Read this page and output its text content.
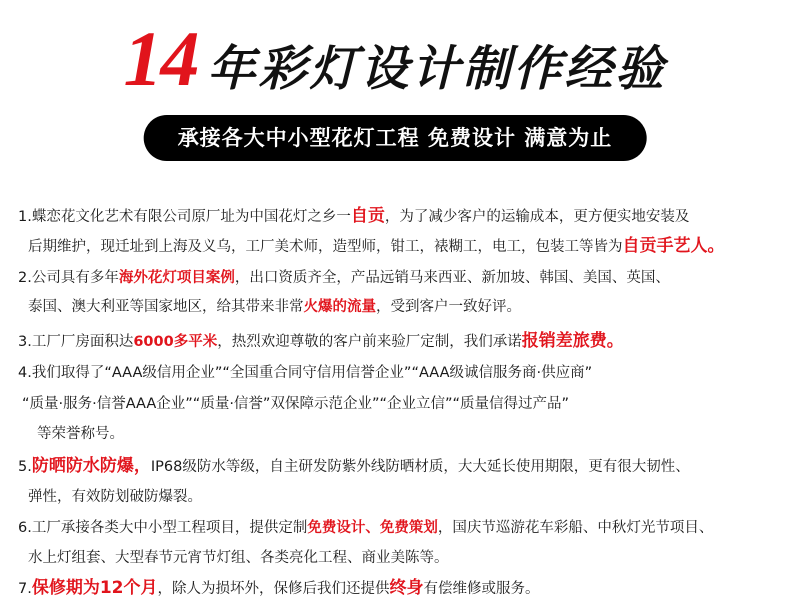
14 年彩灯设计制作经验
承接各大中小型花灯工程 免费设计 满意为止
1.蝶恋花文化艺术有限公司原厂址为中国花灯之乡一自贡，为了减少客户的运输成本，更方便实地安装及
后期维护，现迁址到上海及义乌，工厂美术师，造型师，钳工，裱糊工，电工，包装工等皆为自贡手艺人。
2.公司具有多年海外花灯项目案例，出口资质齐全，产品远销马来西亚、新加坡、韩国、美国、英国、
泰国、澳大利亚等国家地区，给其带来非常火爆的流量，受到客户一致好评。
3.工厂厂房面积达6000多平米，热烈欢迎尊敬的客户前来验厂定制，我们承诺报销差旅费。
4.我们取得了“AAA级信用企业”“全国重合同守信用信誉企业”“AAA级诚信服务商·供应商”
“质量·服务·信誉AAA企业”“质量·信誉”双保障示范企业”“企业立信”“质量信得过产品”
等荣誉称号。
5.防晒防水防爆，IP68级防水等级，自主研发防紫外线防晒材质，大大延长使用期限，更有很大韧性、
弹性，有效防划破防爆裂。
6.工厂承接各类大中小型工程项目，提供定制免费设计、免费策划，国庆节巡游花车彩船、中秋灯光节项目、
水上灯组套、大型春节元宵节灯组、各类亮化工程、商业美陈等。
7.保修期为12个月，除人为损坏外，保修后我们还提供终身有偿维修或服务。
